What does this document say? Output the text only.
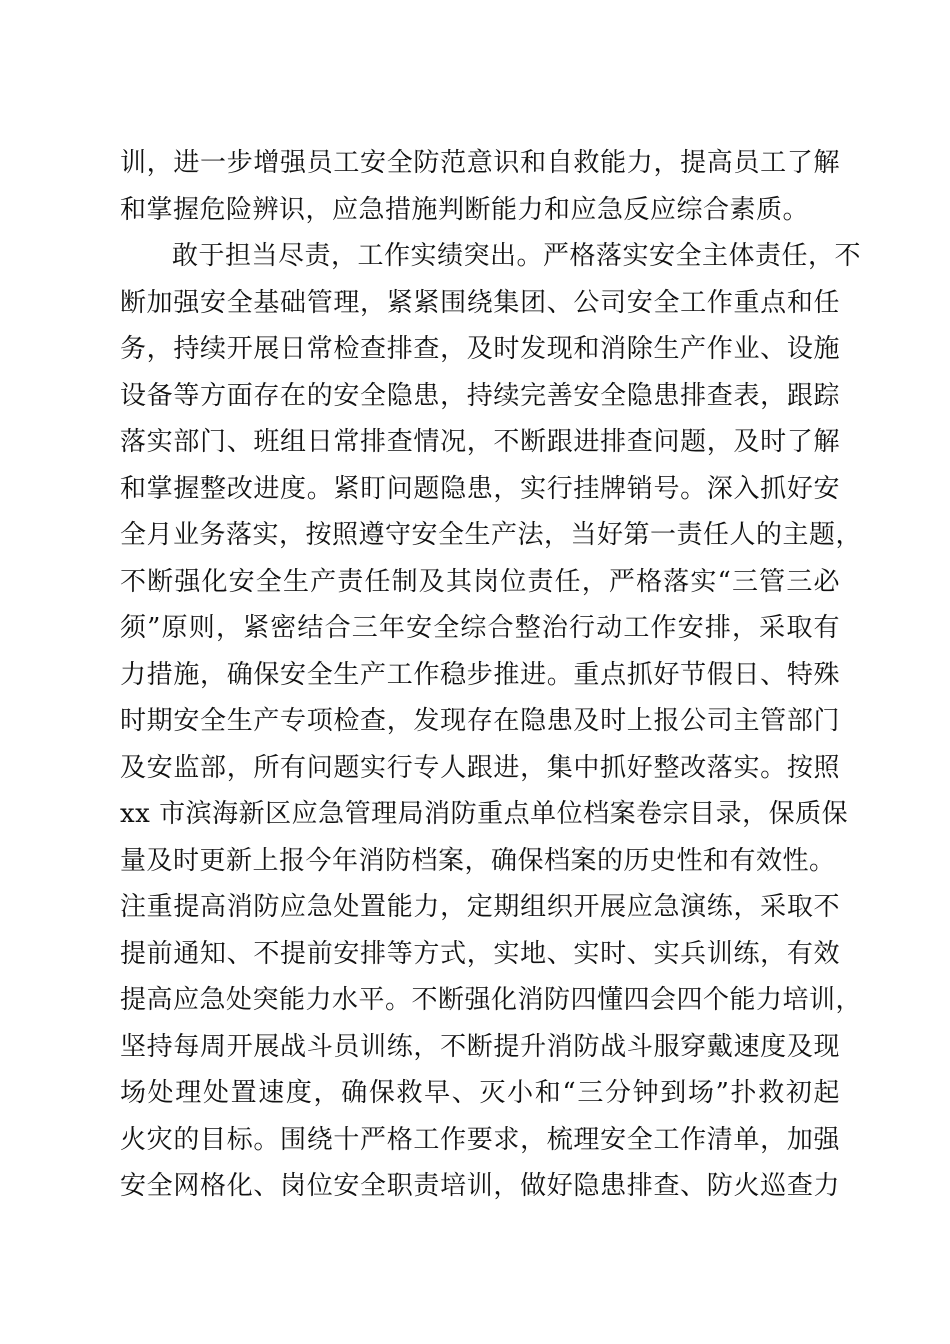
训，进一步增强员工安全防范意识和自救能力，提高员工了解
和掌握危险辨识，应急措施判断能力和应急反应综合素质。
敢于担当尽责，工作实绩突出。严格落实安全主体责任，不
断加强安全基础管理，紧紧围绕集团、公司安全工作重点和任
务，持续开展日常检查排查，及时发现和消除生产作业、设施
设备等方面存在的安全隐患，持续完善安全隐患排查表，跟踪
落实部门、班组日常排查情况，不断跟进排查问题，及时了解
和掌握整改进度。紧盯问题隐患，实行挂牌销号。深入抓好安
全月业务落实，按照遵守安全生产法，当好第一责任人的主题，
不断强化安全生产责任制及其岗位责任，严格落实“三管三必
须”原则，紧密结合三年安全综合整治行动工作安排，采取有
力措施，确保安全生产工作稳步推进。重点抓好节假日、特殊
时期安全生产专项检查，发现存在隐患及时上报公司主管部门
及安监部，所有问题实行专人跟进，集中抓好整改落实。按照
xx 市滨海新区应急管理局消防重点单位档案卷宗目录，保质保
量及时更新上报今年消防档案，确保档案的历史性和有效性。
注重提高消防应急处置能力，定期组织开展应急演练，采取不
提前通知、不提前安排等方式，实地、实时、实兵训练，有效
提高应急处突能力水平。不断强化消防四懂四会四个能力培训，
坚持每周开展战斗员训练，不断提升消防战斗服穿戴速度及现
场处理处置速度，确保救早、灭小和“三分钟到场”扑救初起
火灾的目标。围绕十严格工作要求，梳理安全工作清单，加强
安全网格化、岗位安全职责培训，做好隐患排查、防火巡查力
